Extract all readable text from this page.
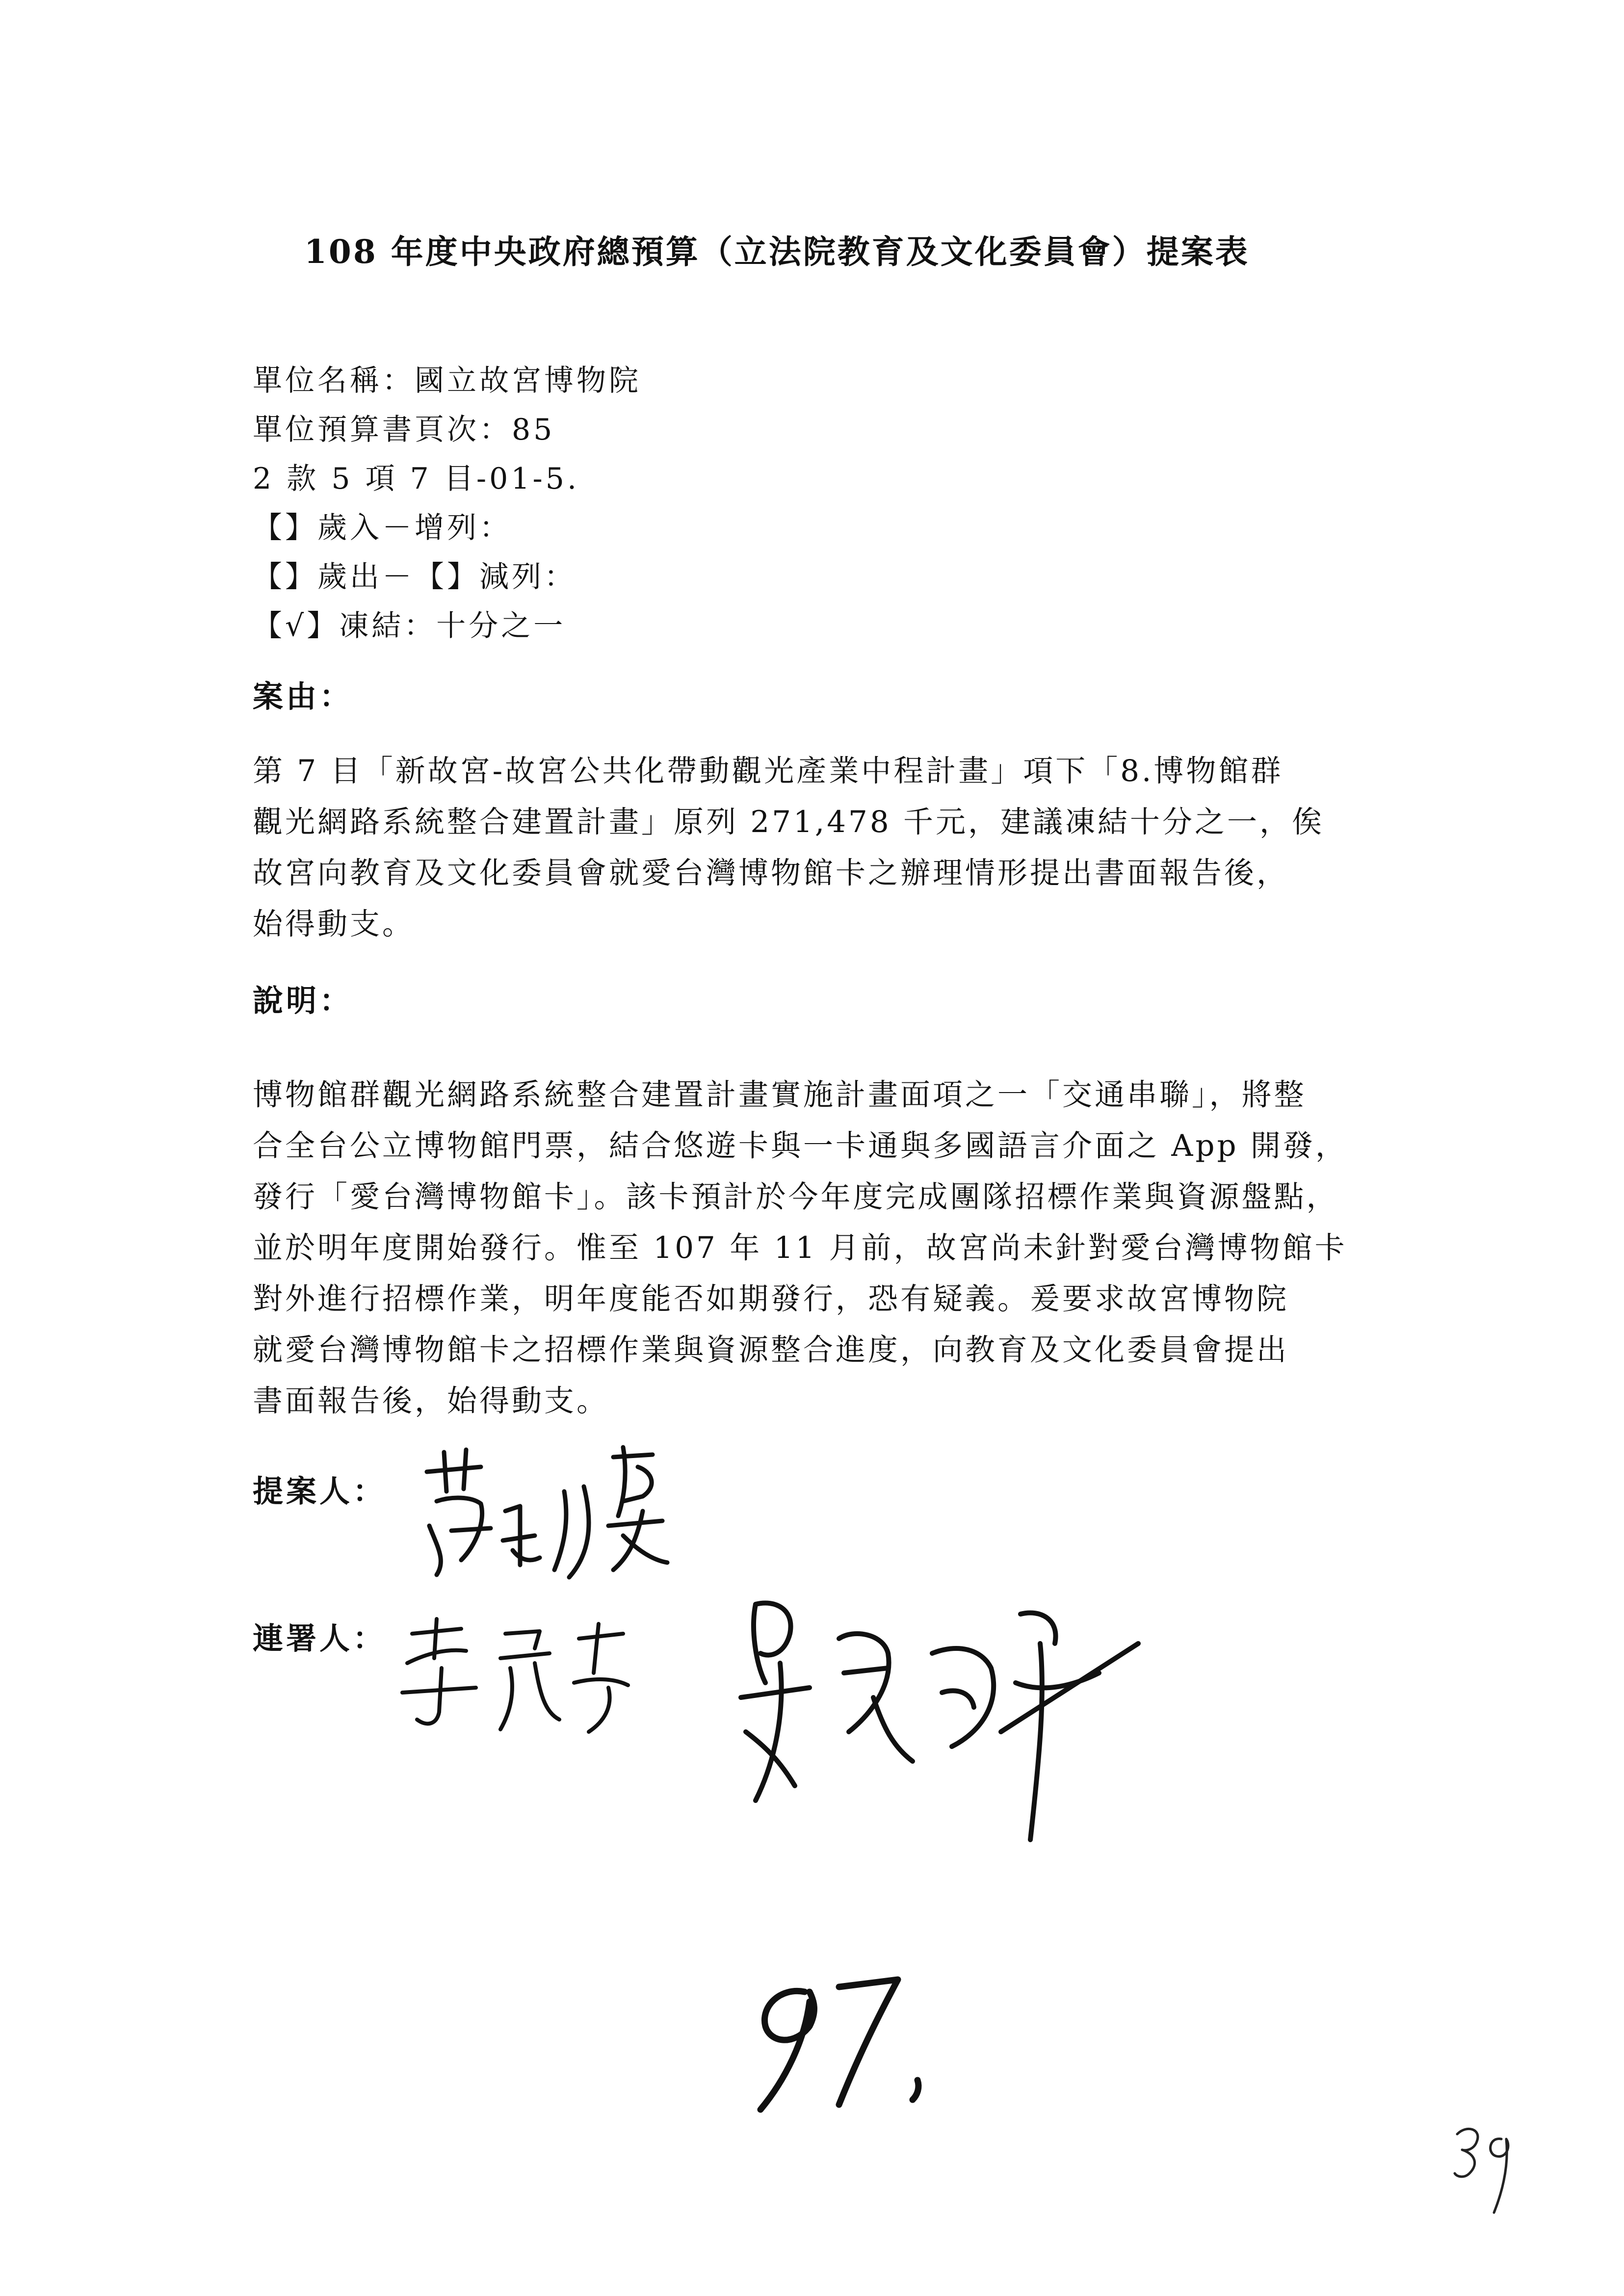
108 年度中央政府總預算（立法院教育及文化委員會）提案表
單位名稱：國立故宮博物院
單位預算書頁次：85
2 款 5 項 7 目-01-5.
【】歲入－增列：
【】歲出－【】減列：
【√】凍結：十分之一
案由：
第 7 目「新故宮-故宮公共化帶動觀光產業中程計畫」項下「8.博物館群
觀光網路系統整合建置計畫」原列 271,478 千元，建議凍結十分之一，俟
故宮向教育及文化委員會就愛台灣博物館卡之辦理情形提出書面報告後，
始得動支。
說明：
博物館群觀光網路系統整合建置計畫實施計畫面項之一「交通串聯」，將整
合全台公立博物館門票，結合悠遊卡與一卡通與多國語言介面之 App 開發，
發行「愛台灣博物館卡」。該卡預計於今年度完成團隊招標作業與資源盤點，
並於明年度開始發行。惟至 107 年 11 月前，故宮尚未針對愛台灣博物館卡
對外進行招標作業，明年度能否如期發行，恐有疑義。爰要求故宮博物院
就愛台灣博物館卡之招標作業與資源整合進度，向教育及文化委員會提出
書面報告後，始得動支。
提案人：
連署人：
